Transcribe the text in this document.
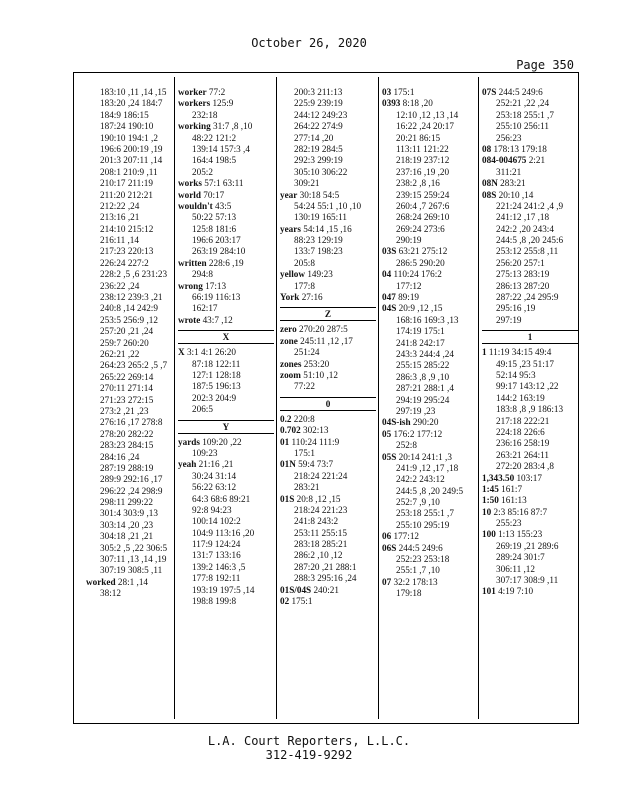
October 26, 2020
Page 350
183:10 ,11 ,14 ,15
183:20 ,24 184:7
184:9 186:15
187:24 190:10
190:10 194:1 ,2
196:6 200:19 ,19
201:3 207:11 ,14
208:1 210:9 ,11
210:17 211:19
211:20 212:21
212:22 ,24
213:16 ,21
214:10 215:12
216:11 ,14
217:23 220:13
226:24 227:2
228:2 ,5 ,6 231:23
236:22 ,24
238:12 239:3 ,21
240:8 ,14 242:9
253:5 256:9 ,12
257:20 ,21 ,24
259:7 260:20
262:21 ,22
264:23 265:2 ,5 ,7
265:22 269:14
270:11 271:14
271:23 272:15
273:2 ,21 ,23
276:16 ,17 278:8
278:20 282:22
283:23 284:15
284:16 ,24
287:19 288:19
289:9 292:16 ,17
296:22 ,24 298:9
298:11 299:22
301:4 303:9 ,13
303:14 ,20 ,23
304:18 ,21 ,21
305:2 ,5 ,22 306:5
307:11 ,13 ,14 ,19
307:19 308:5 ,11
worked 28:1 ,14
38:12
worker 77:2
workers 125:9
232:18
working 31:7 ,8 ,10
48:22 121:2
139:14 157:3 ,4
164:4 198:5
205:2
works 57:1 63:11
world 70:17
wouldn't 43:5
50:22 57:13
125:8 181:6
196:6 203:17
263:19 284:10
written 228:6 ,19
294:8
wrong 17:13
66:19 116:13
162:17
wrote 43:7 ,12
X
X 3:1 4:1 26:20
87:18 122:11
127:1 128:18
187:5 196:13
202:3 204:9
206:5
Y
yards 109:20 ,22
109:23
yeah 21:16 ,21
30:24 31:14
56:22 63:12
64:3 68:6 89:21
92:8 94:23
100:14 102:2
104:9 113:16 ,20
117:9 124:24
131:7 133:16
139:2 146:3 ,5
177:8 192:11
193:19 197:5 ,14
198:8 199:8
200:3 211:13
225:9 239:19
244:12 249:23
264:22 274:9
277:14 ,20
282:19 284:5
292:3 299:19
305:10 306:22
309:21
year 30:18 54:5
54:24 55:1 ,10 ,10
130:19 165:11
years 54:14 ,15 ,16
88:23 129:19
133:7 198:23
205:8
yellow 149:23
177:8
York 27:16
Z
zero 270:20 287:5
zone 245:11 ,12 ,17
251:24
zones 253:20
zoom 51:10 ,12
77:22
0
0.2 220:8
0.702 302:13
01 110:24 111:9
175:1
01N 59:4 73:7
218:24 221:24
283:21
01S 20:8 ,12 ,15
218:24 221:23
241:8 243:2
253:11 255:15
283:18 285:21
286:2 ,10 ,12
287:20 ,21 288:1
288:3 295:16 ,24
01S/04S 240:21
02 175:1
03 175:1
0393 8:18 ,20
12:10 ,12 ,13 ,14
16:22 ,24 20:17
20:21 86:15
113:11 121:22
218:19 237:12
237:16 ,19 ,20
238:2 ,8 ,16
239:15 259:24
260:4 ,7 267:6
268:24 269:10
269:24 273:6
290:19
03S 63:21 275:12
286:5 290:20
04 110:24 176:2
177:12
047 89:19
04S 20:9 ,12 ,15
168:16 169:3 ,13
174:19 175:1
241:8 242:17
243:3 244:4 ,24
255:15 285:22
286:3 ,8 ,9 ,10
287:21 288:1 ,4
294:19 295:24
297:19 ,23
04S-ish 290:20
05 176:2 177:12
252:8
05S 20:14 241:1 ,3
241:9 ,12 ,17 ,18
242:2 243:12
244:5 ,8 ,20 249:5
252:7 ,9 ,10
253:18 255:1 ,7
255:10 295:19
06 177:12
06S 244:5 249:6
252:23 253:18
255:1 ,7 ,10
07 32:2 178:13
179:18
07S 244:5 249:6
252:21 ,22 ,24
253:18 255:1 ,7
255:10 256:11
256:23
08 178:13 179:18
084-004675 2:21
311:21
08N 283:21
08S 20:10 ,14
221:24 241:2 ,4 ,9
241:12 ,17 ,18
242:2 ,20 243:4
244:5 ,8 ,20 245:6
253:12 255:8 ,11
256:20 257:1
275:13 283:19
286:13 287:20
287:22 ,24 295:9
295:16 ,19
297:19
1
1 11:19 34:15 49:4
49:15 ,23 51:17
52:14 95:3
99:17 143:12 ,22
144:2 163:19
183:8 ,8 ,9 186:13
217:18 222:21
224:18 226:6
236:16 258:19
263:21 264:11
272:20 283:4 ,8
1,343.50 103:17
1:45 161:7
1:50 161:13
10 2:3 85:16 87:7
255:23
100 1:13 155:23
269:19 ,21 289:6
289:24 301:7
306:11 ,12
307:17 308:9 ,11
101 4:19 7:10
L.A. Court Reporters, L.L.C.
312-419-9292
